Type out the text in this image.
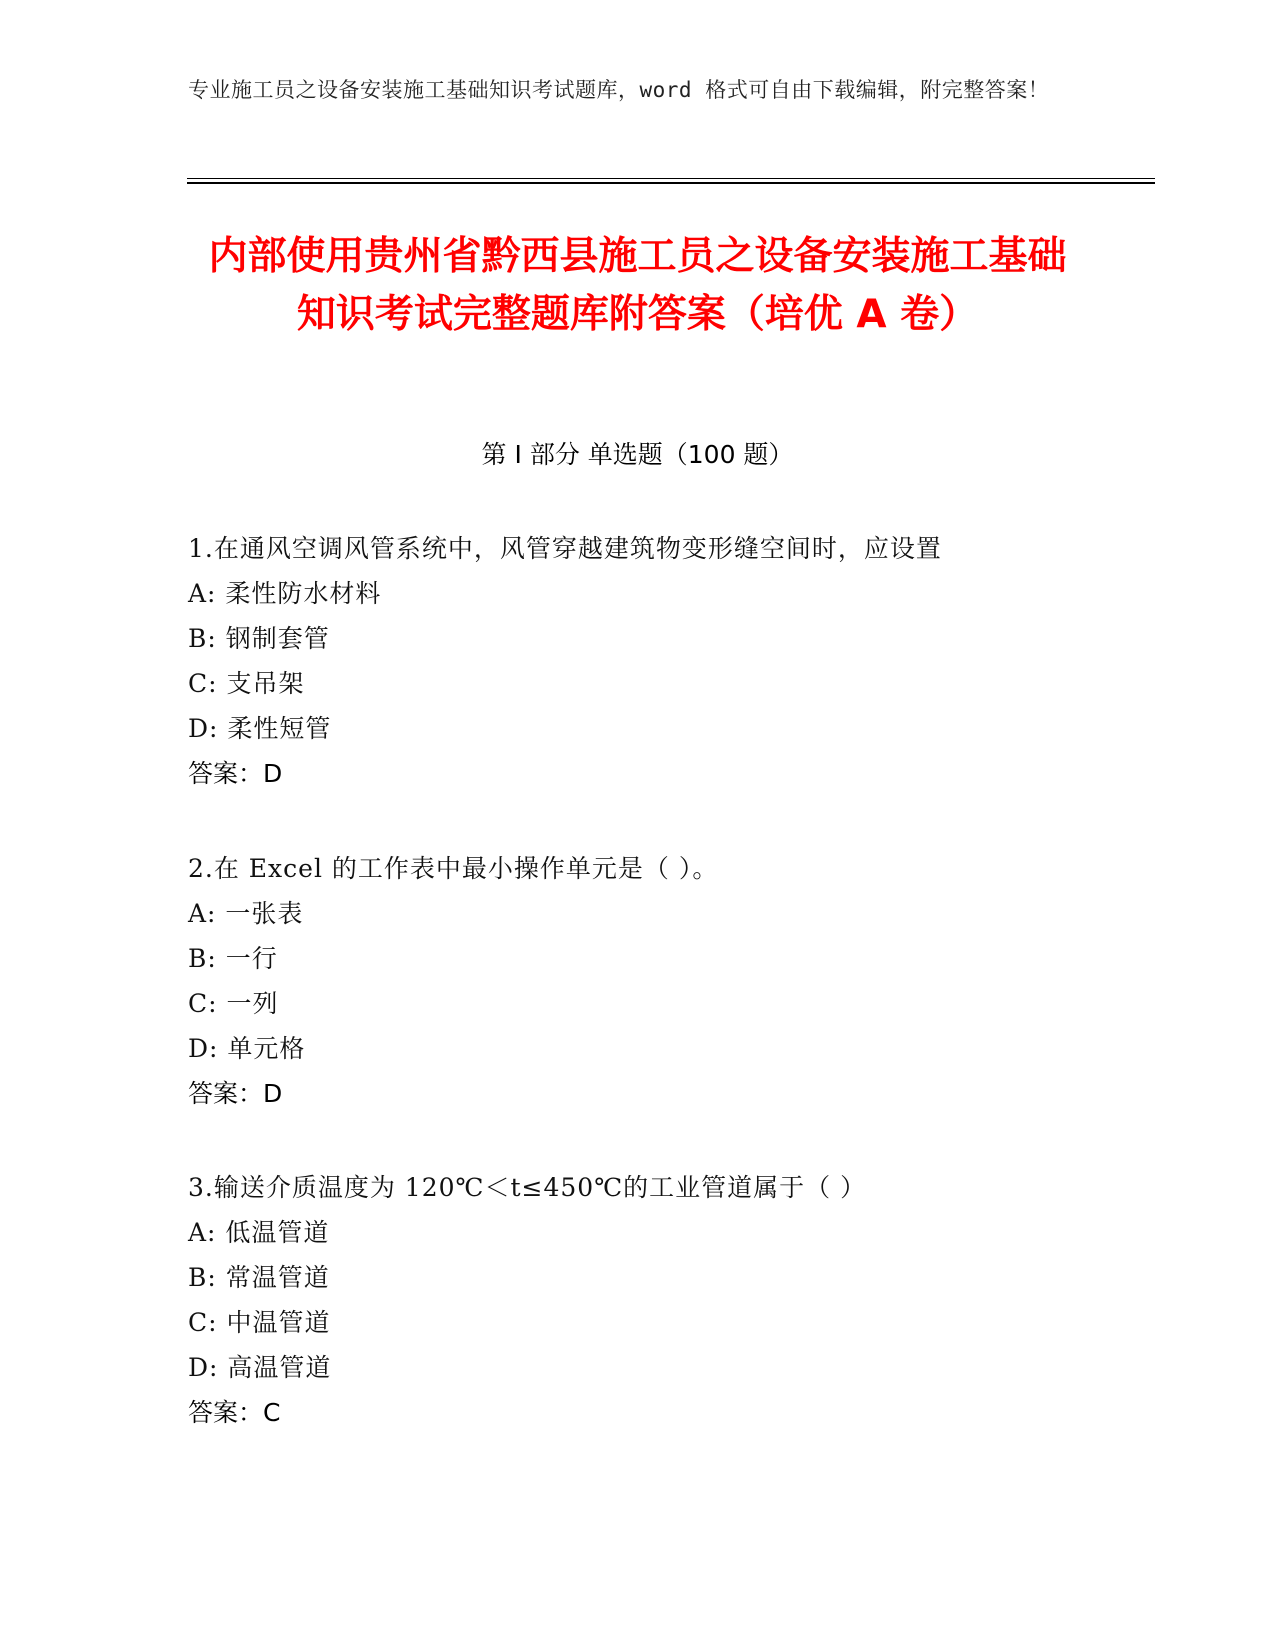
专业施工员之设备安装施工基础知识考试题库，word 格式可自由下载编辑，附完整答案！
内部使用贵州省黔西县施工员之设备安装施工基础知识考试完整题库附答案（培优 A 卷）
第 I 部分 单选题（100 题）
1.在通风空调风管系统中，风管穿越建筑物变形缝空间时，应设置
A: 柔性防水材料
B: 钢制套管
C: 支吊架
D: 柔性短管
答案：D
2.在 Excel 的工作表中最小操作单元是（ ）。
A: 一张表
B: 一行
C: 一列
D: 单元格
答案：D
3.输送介质温度为 120℃＜t≤450℃的工业管道属于（ ）
A: 低温管道
B: 常温管道
C: 中温管道
D: 高温管道
答案：C
